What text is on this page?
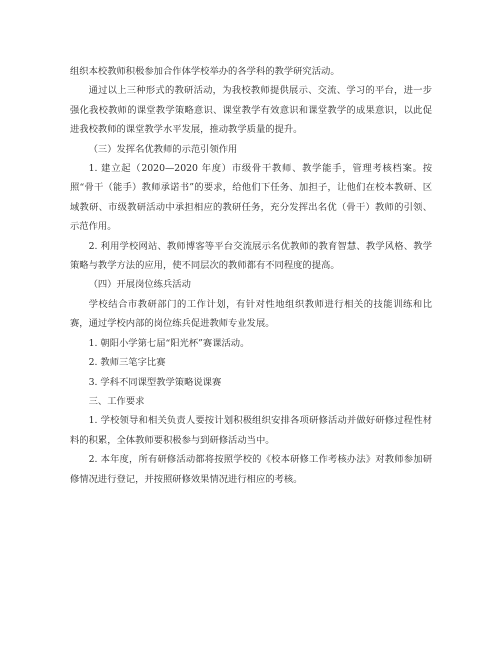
组织本校教师积极参加合作体学校举办的各学科的教学研究活动。

通过以上三种形式的教研活动，为我校教师提供展示、交流、学习的平台，进一步强化我校教师的课堂教学策略意识、课堂教学有效意识和课堂教学的成果意识，以此促进我校教师的课堂教学水平发展，推动教学质量的提升。

（三）发挥名优教师的示范引领作用

1. 建立起（2020—2020 年度）市级骨干教师、教学能手，管理考核档案。按照“骨干（能手）教师承诺书”的要求，给他们下任务、加担子，让他们在校本教研、区域教研、市级教研活动中承担相应的教研任务，充分发挥出名优（骨干）教师的引领、示范作用。

2. 利用学校网站、教师博客等平台交流展示名优教师的教育智慧、教学风格、教学策略与教学方法的应用，使不同层次的教师都有不同程度的提高。

（四）开展岗位练兵活动

学校结合市教研部门的工作计划，有针对性地组织教师进行相关的技能训练和比赛，通过学校内部的岗位练兵促进教师专业发展。

1. 朝阳小学第七届“阳光杯”赛课活动。

2. 教师三笔字比赛

3. 学科不同课型教学策略说课赛

三、工作要求

1. 学校领导和相关负责人要按计划积极组织安排各项研修活动并做好研修过程性材料的积累，全体教师要积极参与到研修活动当中。

2. 本年度，所有研修活动都将按照学校的《校本研修工作考核办法》对教师参加研修情况进行登记，并按照研修效果情况进行相应的考核。
